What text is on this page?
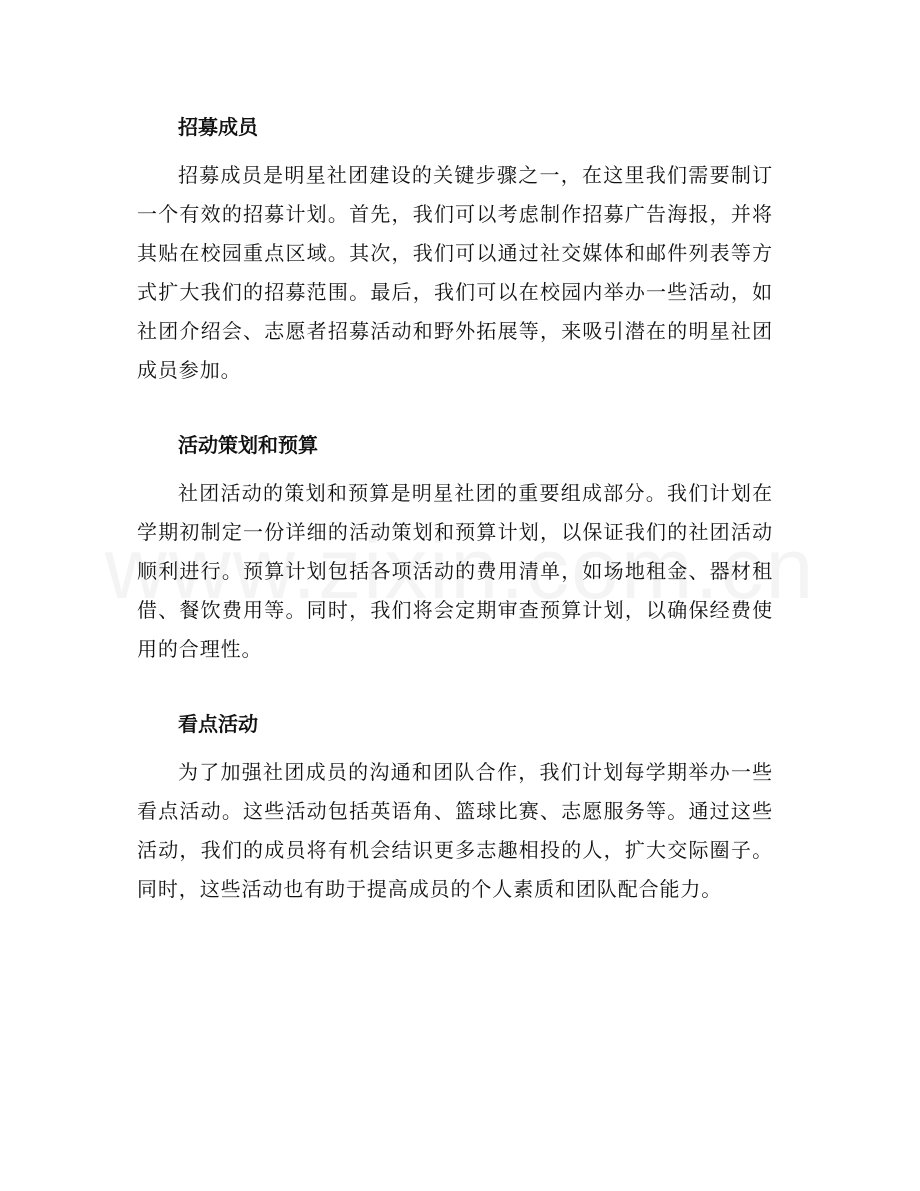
招募成员

招募成员是明星社团建设的关键步骤之一，在这里我们需要制订一个有效的招募计划。首先，我们可以考虑制作招募广告海报，并将其贴在校园重点区域。其次，我们可以通过社交媒体和邮件列表等方式扩大我们的招募范围。最后，我们可以在校园内举办一些活动，如社团介绍会、志愿者招募活动和野外拓展等，来吸引潜在的明星社团成员参加。

活动策划和预算

社团活动的策划和预算是明星社团的重要组成部分。我们计划在学期初制定一份详细的活动策划和预算计划，以保证我们的社团活动顺利进行。预算计划包括各项活动的费用清单，如场地租金、器材租借、餐饮费用等。同时，我们将会定期审查预算计划，以确保经费使用的合理性。

看点活动

为了加强社团成员的沟通和团队合作，我们计划每学期举办一些看点活动。这些活动包括英语角、篮球比赛、志愿服务等。通过这些活动，我们的成员将有机会结识更多志趣相投的人，扩大交际圈子。同时，这些活动也有助于提高成员的个人素质和团队配合能力。
